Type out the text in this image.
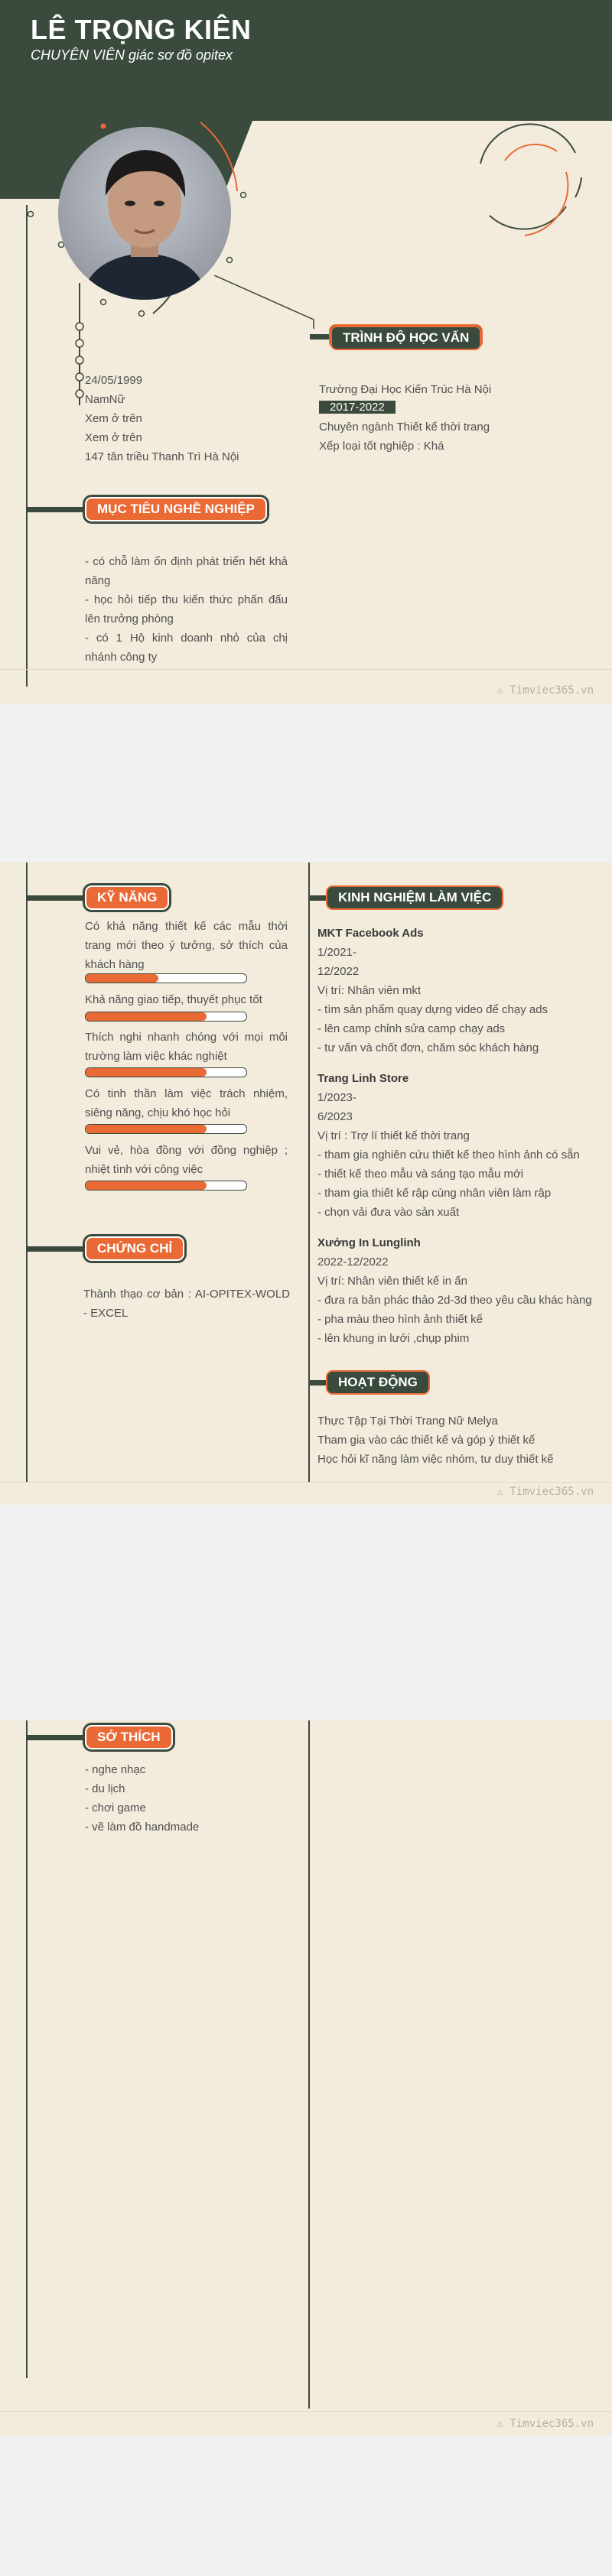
LÊ TRỌNG KIÊN
CHUYÊN VIÊN giác sơ đồ opitex
24/05/1999
NamNữ
Xem ở trên
Xem ở trên
147 tân triều Thanh Trì Hà Nội
TRÌNH ĐỘ HỌC VẤN
Trường Đại Học Kiến Trúc Hà Nội
2017-2022
Chuyên ngành Thiết kế thời trang
Xếp loại tốt nghiệp : Khá
MỤC TIÊU NGHỀ NGHIỆP
- có chỗ làm ổn định phát triển hết khả năng
- học hỏi tiếp thu kiến thức phấn đấu lên trưởng phòng
- có 1 Hộ kinh doanh nhỏ của chị nhánh công ty
⚠ Timviec365.vn
KỸ NĂNG
Có khả năng thiết kế các mẫu thời trang mới theo ý tưởng, sở thích của khách hàng
Khả năng giao tiếp, thuyết phục tốt
Thích nghi nhanh chóng với mọi môi trường làm việc khác nghiệt
Có tinh thần làm việc trách nhiệm, siêng năng, chịu khó học hỏi
Vui vẻ, hòa đồng với đồng nghiệp ; nhiệt tình với công việc
CHỨNG CHỈ
Thành thạo cơ bản : AI-OPITEX-WOLD - EXCEL
KINH NGHIỆM LÀM VIỆC
MKT Facebook Ads
1/2021-
12/2022
Vị trí: Nhân viên mkt
- tìm sản phẩm quay dựng video để chạy ads
- lên camp chỉnh sửa camp chạy ads
- tư vấn và chốt đơn, chăm sóc khách hàng
Trang Linh Store
1/2023-
6/2023
Vị trí : Trợ lí thiết kế thời trang
- tham gia nghiên cứu thiết kế theo hình ảnh có sẵn
- thiết kế theo mẫu và sáng tạo mẫu mới
- tham gia thiết kế rập cùng nhân viên làm rập
- chọn vải đưa vào sản xuất
Xưởng In Lunglinh
2022-12/2022
Vị trí: Nhân viên thiết kế in ấn
- đưa ra bản phác thảo 2d-3d theo yêu cầu khác hàng
- pha màu theo hình ảnh thiết kế
- lên khung in lưới ,chụp phim
HOẠT ĐỘNG
Thực Tập Tại Thời Trang Nữ Melya
Tham gia vào các thiết kế và góp ý thiết kế
Học hỏi kĩ năng làm việc nhóm, tư duy thiết kế
⚠ Timviec365.vn
SỞ THÍCH
- nghe nhạc
- du lịch
- chơi game
- vẽ làm đồ handmade
⚠ Timviec365.vn
